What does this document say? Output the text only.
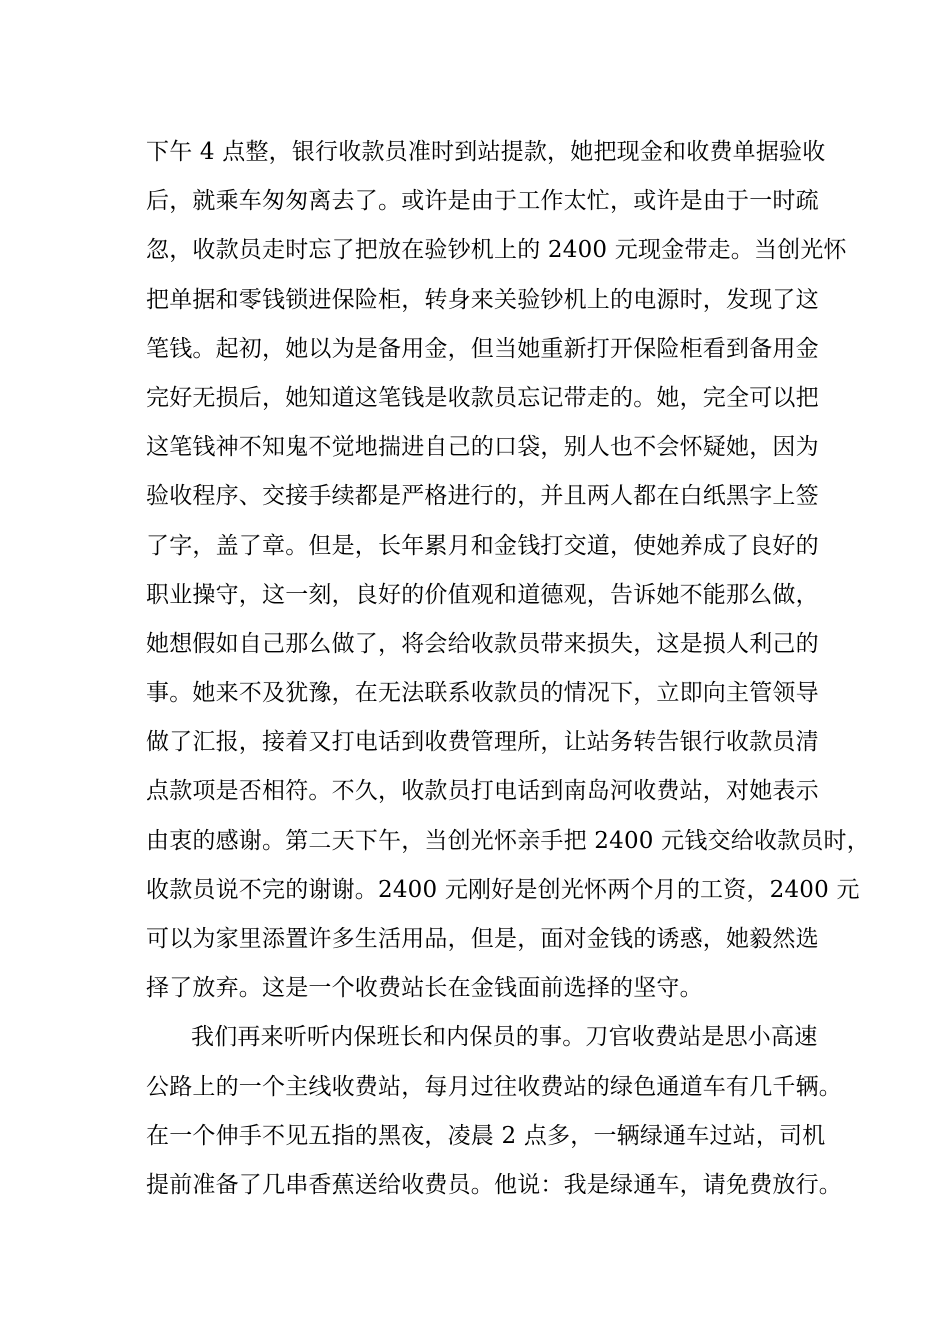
下午 4 点整，银行收款员准时到站提款，她把现金和收费单据验收
后，就乘车匆匆离去了。或许是由于工作太忙，或许是由于一时疏
忽，收款员走时忘了把放在验钞机上的 2400 元现金带走。当创光怀
把单据和零钱锁进保险柜，转身来关验钞机上的电源时，发现了这
笔钱。起初，她以为是备用金，但当她重新打开保险柜看到备用金
完好无损后，她知道这笔钱是收款员忘记带走的。她，完全可以把
这笔钱神不知鬼不觉地揣进自己的口袋，别人也不会怀疑她，因为
验收程序、交接手续都是严格进行的，并且两人都在白纸黑字上签
了字，盖了章。但是，长年累月和金钱打交道，使她养成了良好的
职业操守，这一刻，良好的价值观和道德观，告诉她不能那么做，
她想假如自己那么做了，将会给收款员带来损失，这是损人利己的
事。她来不及犹豫，在无法联系收款员的情况下，立即向主管领导
做了汇报，接着又打电话到收费管理所，让站务转告银行收款员清
点款项是否相符。不久，收款员打电话到南岛河收费站，对她表示
由衷的感谢。第二天下午，当创光怀亲手把 2400 元钱交给收款员时，
收款员说不完的谢谢。2400 元刚好是创光怀两个月的工资，2400 元
可以为家里添置许多生活用品，但是，面对金钱的诱惑，她毅然选
择了放弃。这是一个收费站长在金钱面前选择的坚守。
我们再来听听内保班长和内保员的事。刀官收费站是思小高速
公路上的一个主线收费站，每月过往收费站的绿色通道车有几千辆。
在一个伸手不见五指的黑夜，凌晨 2 点多，一辆绿通车过站，司机
提前准备了几串香蕉送给收费员。他说：我是绿通车，请免费放行。
